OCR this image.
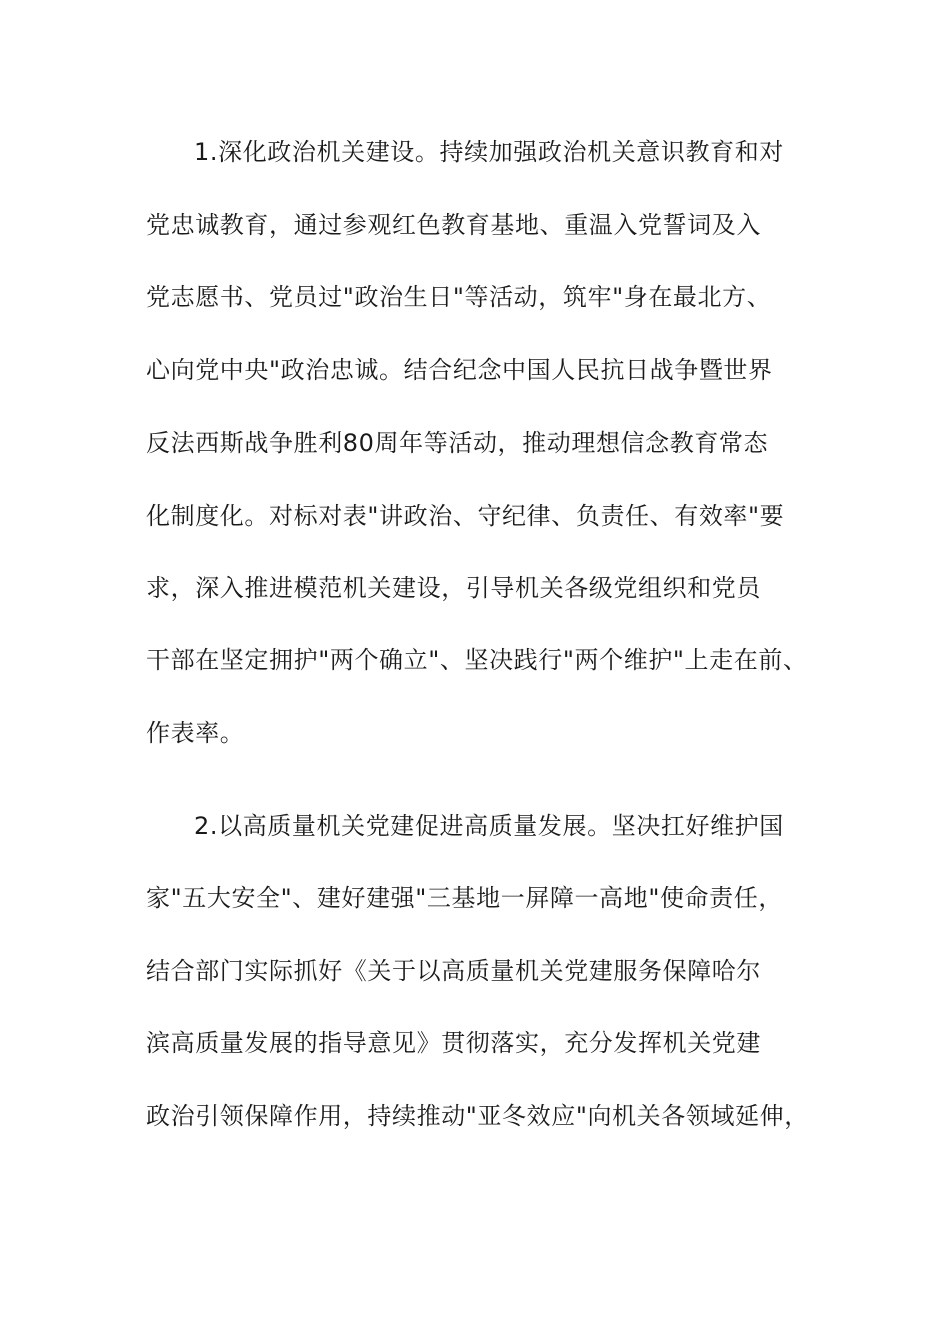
1.深化政治机关建设。持续加强政治机关意识教育和对
党忠诚教育，通过参观红色教育基地、重温入党誓词及入
党志愿书、党员过"政治生日"等活动，筑牢"身在最北方、
心向党中央"政治忠诚。结合纪念中国人民抗日战争暨世界
反法西斯战争胜利80周年等活动，推动理想信念教育常态
化制度化。对标对表"讲政治、守纪律、负责任、有效率"要
求，深入推进模范机关建设，引导机关各级党组织和党员
干部在坚定拥护"两个确立"、坚决践行"两个维护"上走在前、
作表率。
2.以高质量机关党建促进高质量发展。坚决扛好维护国
家"五大安全"、建好建强"三基地一屏障一高地"使命责任，
结合部门实际抓好《关于以高质量机关党建服务保障哈尔
滨高质量发展的指导意见》贯彻落实，充分发挥机关党建
政治引领保障作用，持续推动"亚冬效应"向机关各领域延伸，
